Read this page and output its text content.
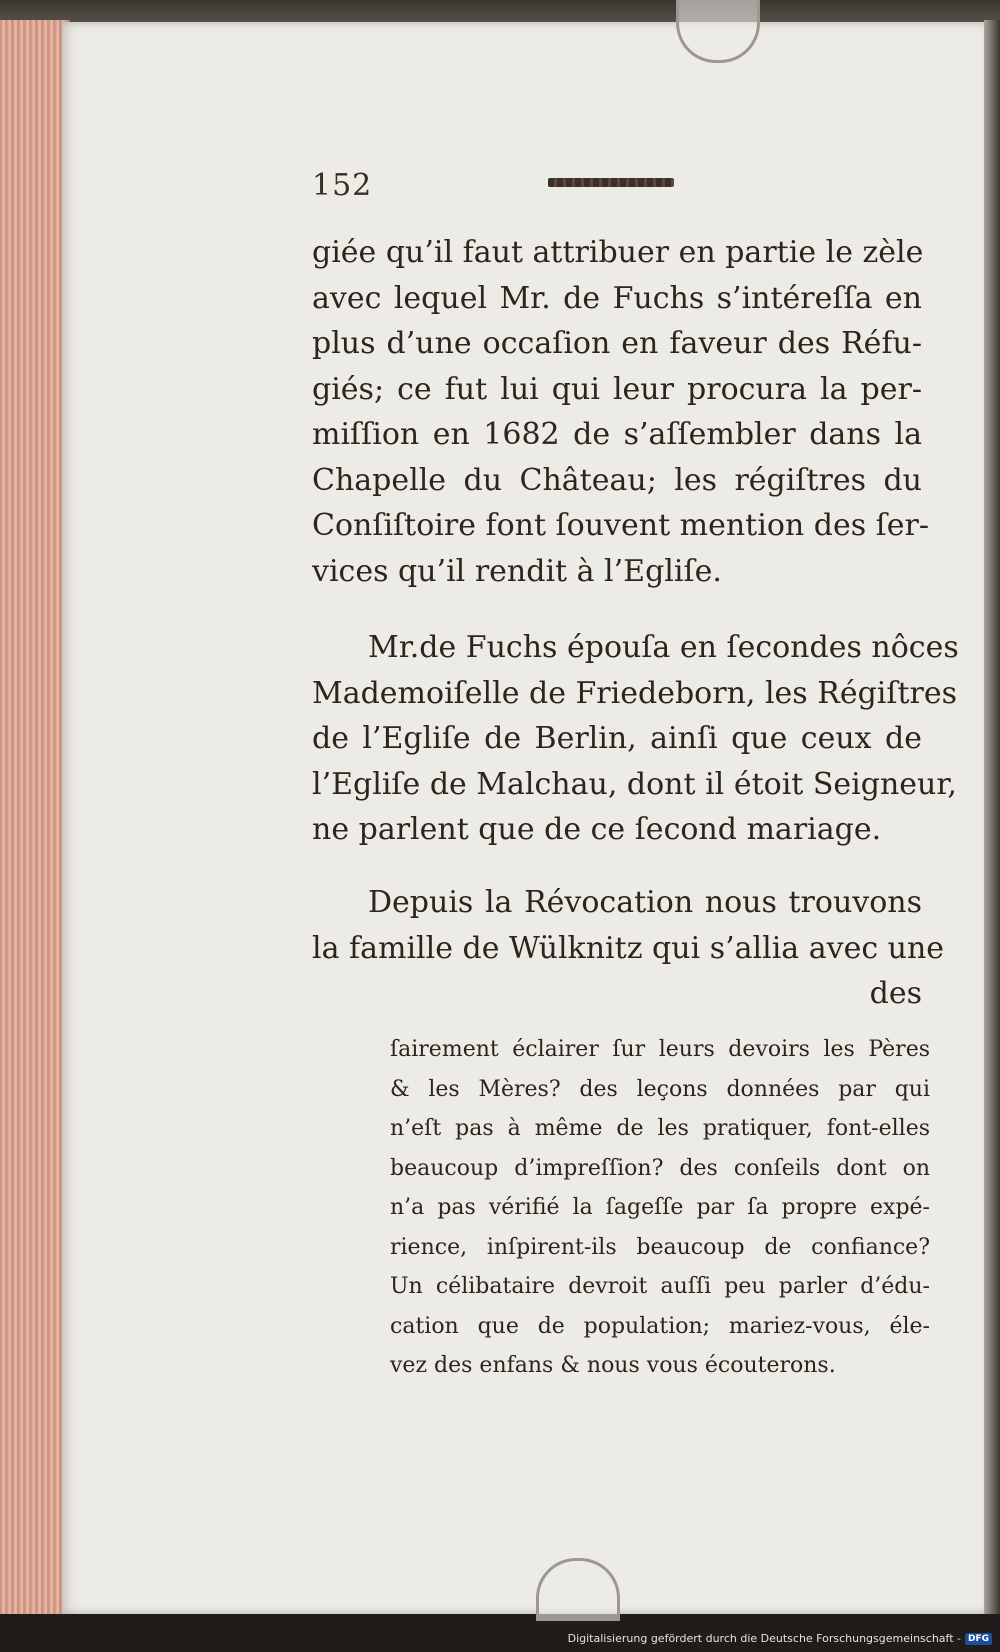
152
giée qu’il faut attribuer en partie le zèle
avec lequel Mr. de Fuchs s’intéreſſa en
plus d’une occaſion en faveur des Réfu-
giés; ce fut lui qui leur procura la per-
miſſion en 1682 de s’aſſembler dans la
Chapelle du Château; les régiſtres du
Conſiſtoire font ſouvent mention des ſer-
vices qu’il rendit à l’Egliſe.
Mr.de Fuchs épouſa en ſecondes nôces
Mademoiſelle de Friedeborn, les Régiſtres
de l’Egliſe de Berlin, ainſi que ceux de
l’Egliſe de Malchau, dont il étoit Seigneur,
ne parlent que de ce ſecond mariage.
Depuis la Révocation nous trouvons
la famille de Wülknitz qui s’allia avec une
des
ſairement éclairer ſur leurs devoirs les Pères
& les Mères? des leçons données par qui
n’eſt pas à même de les pratiquer, font-elles
beaucoup d’impreſſion? des conſeils dont on
n’a pas vérifié la ſageſſe par ſa propre expé-
rience, inſpirent-ils beaucoup de confiance?
Un célibataire devroit auſſi peu parler d’édu-
cation que de population; mariez-vous, éle-
vez des enfans & nous vous écouterons.
Digitalisierung gefördert durch die Deutsche Forschungsgemeinschaft - DFG
